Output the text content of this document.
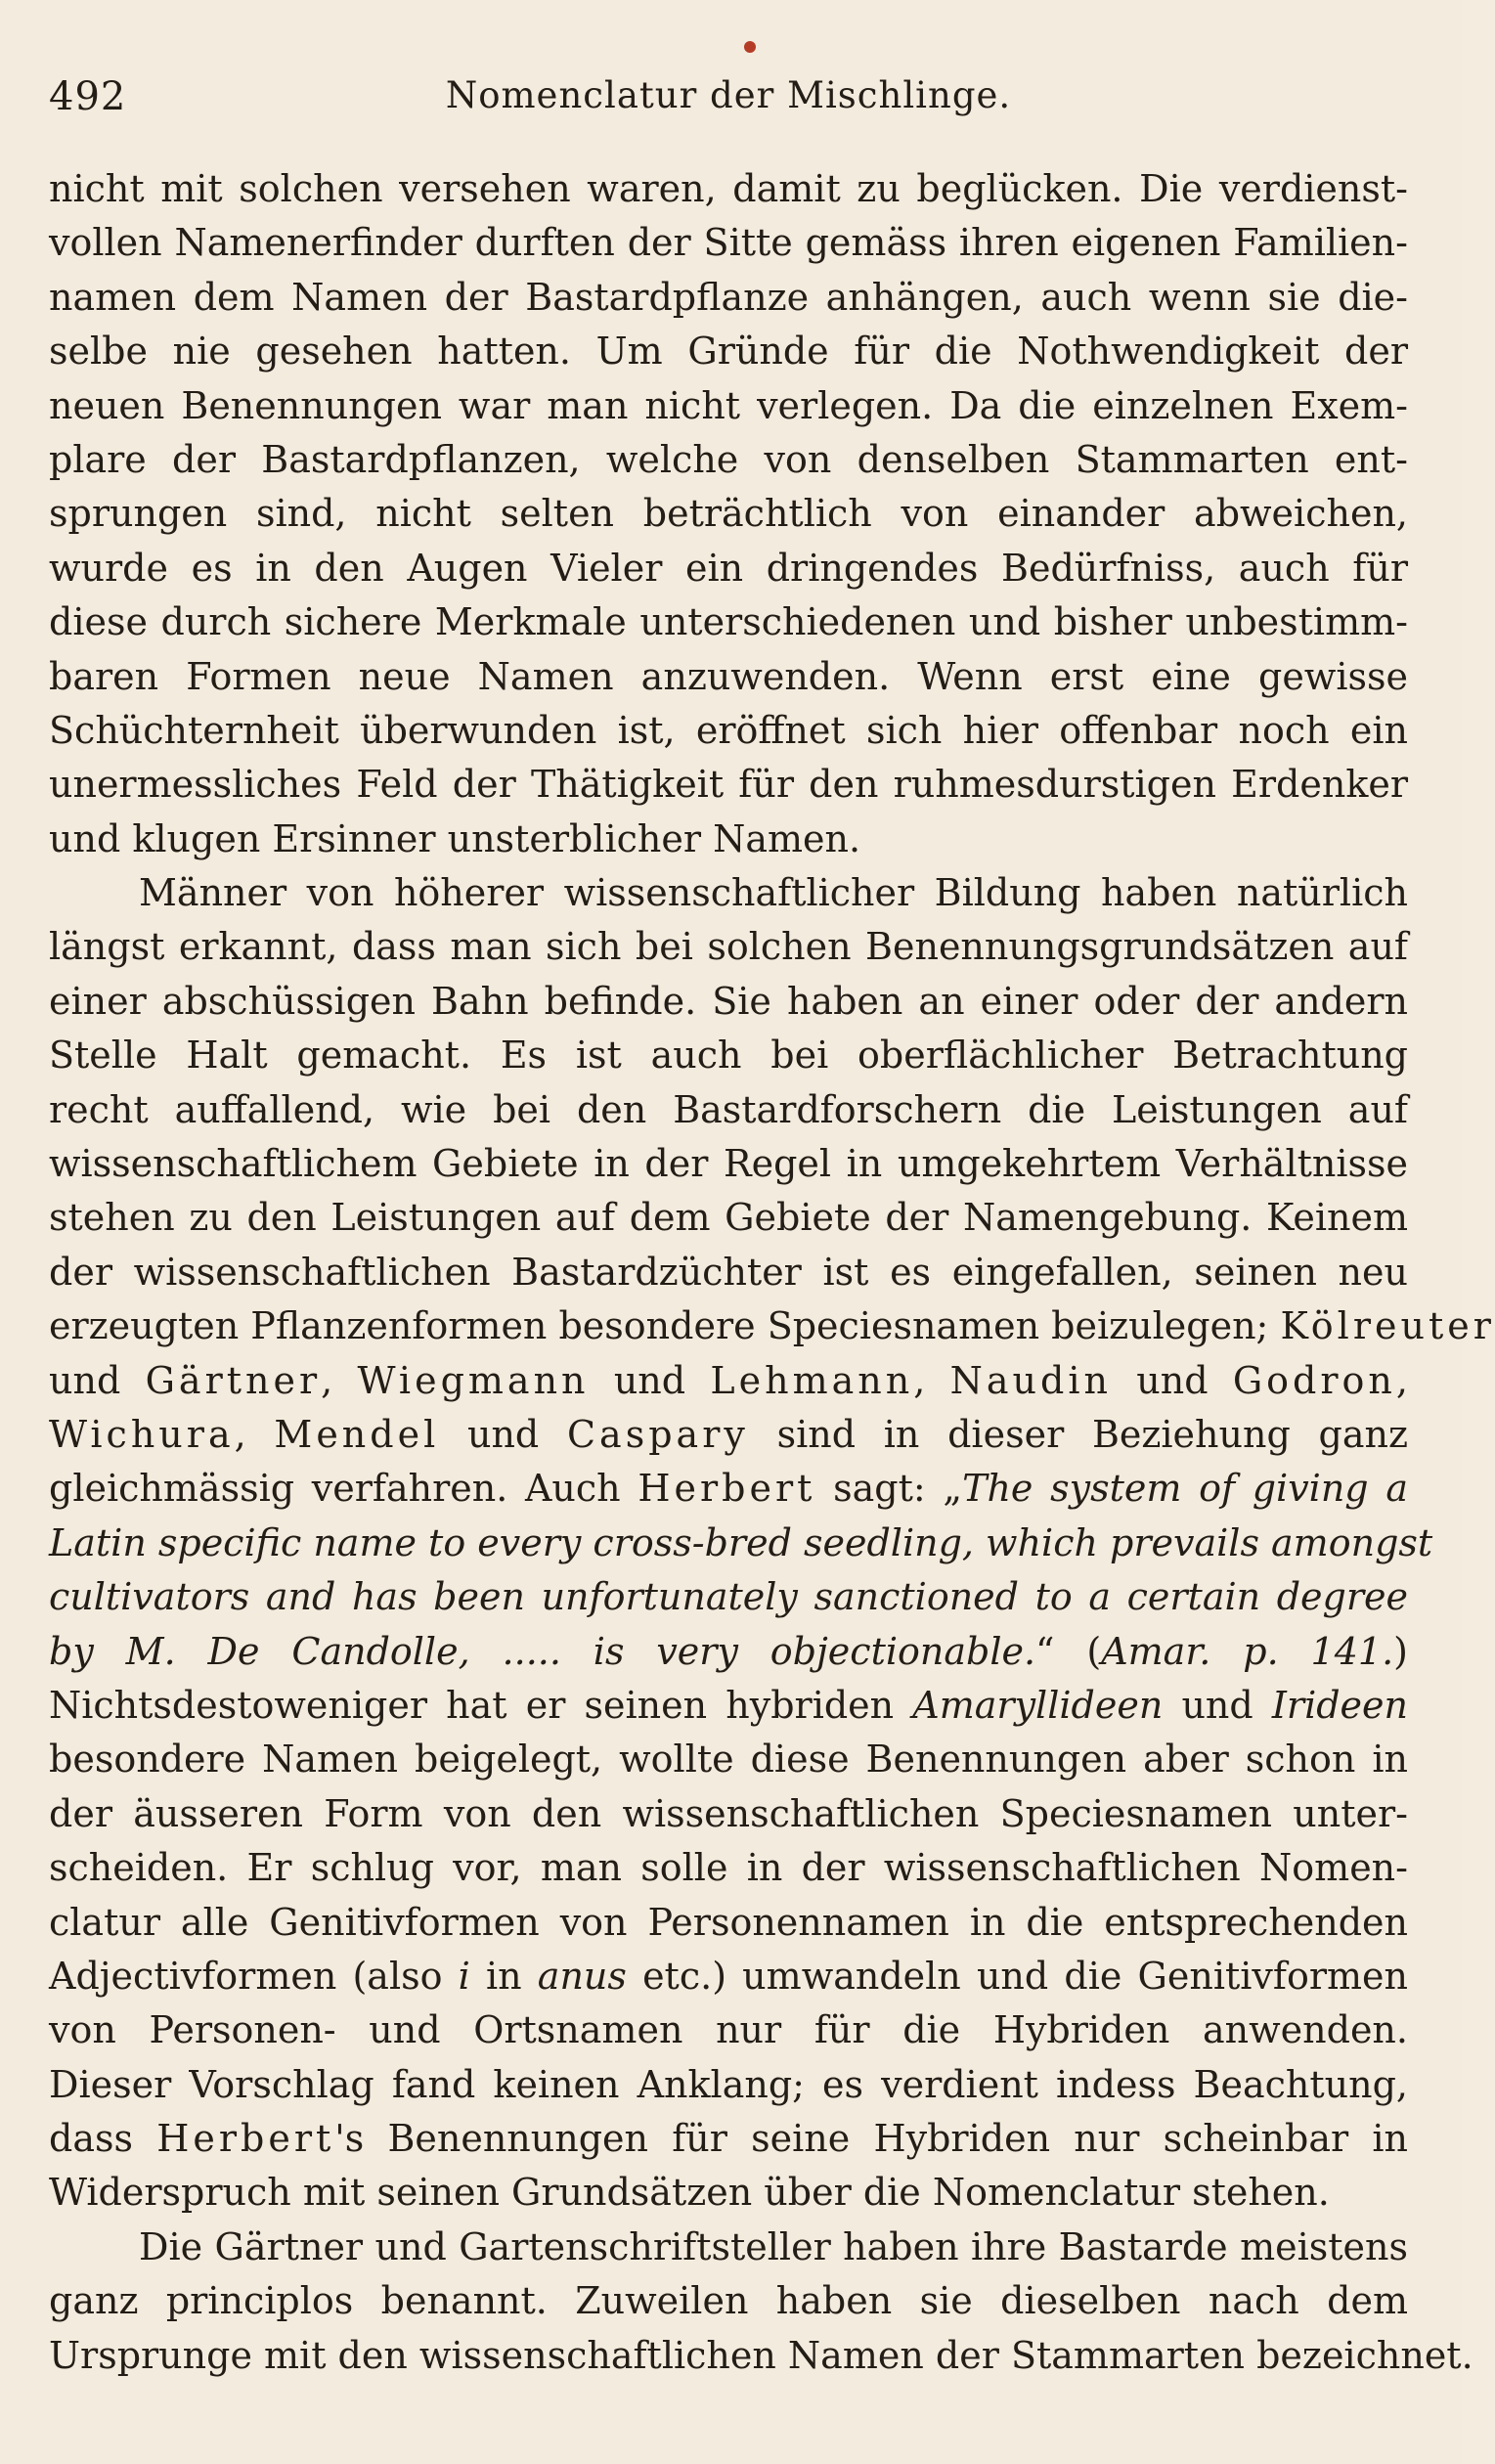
492	Nomenclatur der Mischlinge.
nicht mit solchen versehen waren, damit zu beglücken. Die verdienst-
vollen Namenerfinder durften der Sitte gemäss ihren eigenen Familien-
namen dem Namen der Bastardpflanze anhängen, auch wenn sie die-
selbe nie gesehen hatten. Um Gründe für die Nothwendigkeit der
neuen Benennungen war man nicht verlegen. Da die einzelnen Exem-
plare der Bastardpflanzen, welche von denselben Stammarten ent-
sprungen sind, nicht selten beträchtlich von einander abweichen,
wurde es in den Augen Vieler ein dringendes Bedürfniss, auch für
diese durch sichere Merkmale unterschiedenen und bisher unbestimm-
baren Formen neue Namen anzuwenden. Wenn erst eine gewisse
Schüchternheit überwunden ist, eröffnet sich hier offenbar noch ein
unermessliches Feld der Thätigkeit für den ruhmesdurstigen Erdenker
und klugen Ersinner unsterblicher Namen.
Männer von höherer wissenschaftlicher Bildung haben natürlich
längst erkannt, dass man sich bei solchen Benennungsgrundsätzen auf
einer abschüssigen Bahn befinde. Sie haben an einer oder der andern
Stelle Halt gemacht. Es ist auch bei oberflächlicher Betrachtung
recht auffallend, wie bei den Bastardforschern die Leistungen auf
wissenschaftlichem Gebiete in der Regel in umgekehrtem Verhältnisse
stehen zu den Leistungen auf dem Gebiete der Namengebung. Keinem
der wissenschaftlichen Bastardzüchter ist es eingefallen, seinen neu
erzeugten Pflanzenformen besondere Speciesnamen beizulegen; Kölreuter
und Gärtner, Wiegmann und Lehmann, Naudin und Godron,
Wichura, Mendel und Caspary sind in dieser Beziehung ganz
gleichmässig verfahren. Auch Herbert sagt: „The system of giving a
Latin specific name to every cross-bred seedling, which prevails amongst
cultivators and has been unfortunately sanctioned to a certain degree
by M. De Candolle, ..... is very objectionable.“ (Amar. p. 141.)
Nichtsdestoweniger hat er seinen hybriden Amaryllideen und Irideen
besondere Namen beigelegt, wollte diese Benennungen aber schon in
der äusseren Form von den wissenschaftlichen Speciesnamen unter-
scheiden. Er schlug vor, man solle in der wissenschaftlichen Nomen-
clatur alle Genitivformen von Personennamen in die entsprechenden
Adjectivformen (also i in anus etc.) umwandeln und die Genitivformen
von Personen- und Ortsnamen nur für die Hybriden anwenden.
Dieser Vorschlag fand keinen Anklang; es verdient indess Beachtung,
dass Herbert's Benennungen für seine Hybriden nur scheinbar in
Widerspruch mit seinen Grundsätzen über die Nomenclatur stehen.
Die Gärtner und Gartenschriftsteller haben ihre Bastarde meistens
ganz principlos benannt. Zuweilen haben sie dieselben nach dem
Ursprunge mit den wissenschaftlichen Namen der Stammarten bezeichnet.
